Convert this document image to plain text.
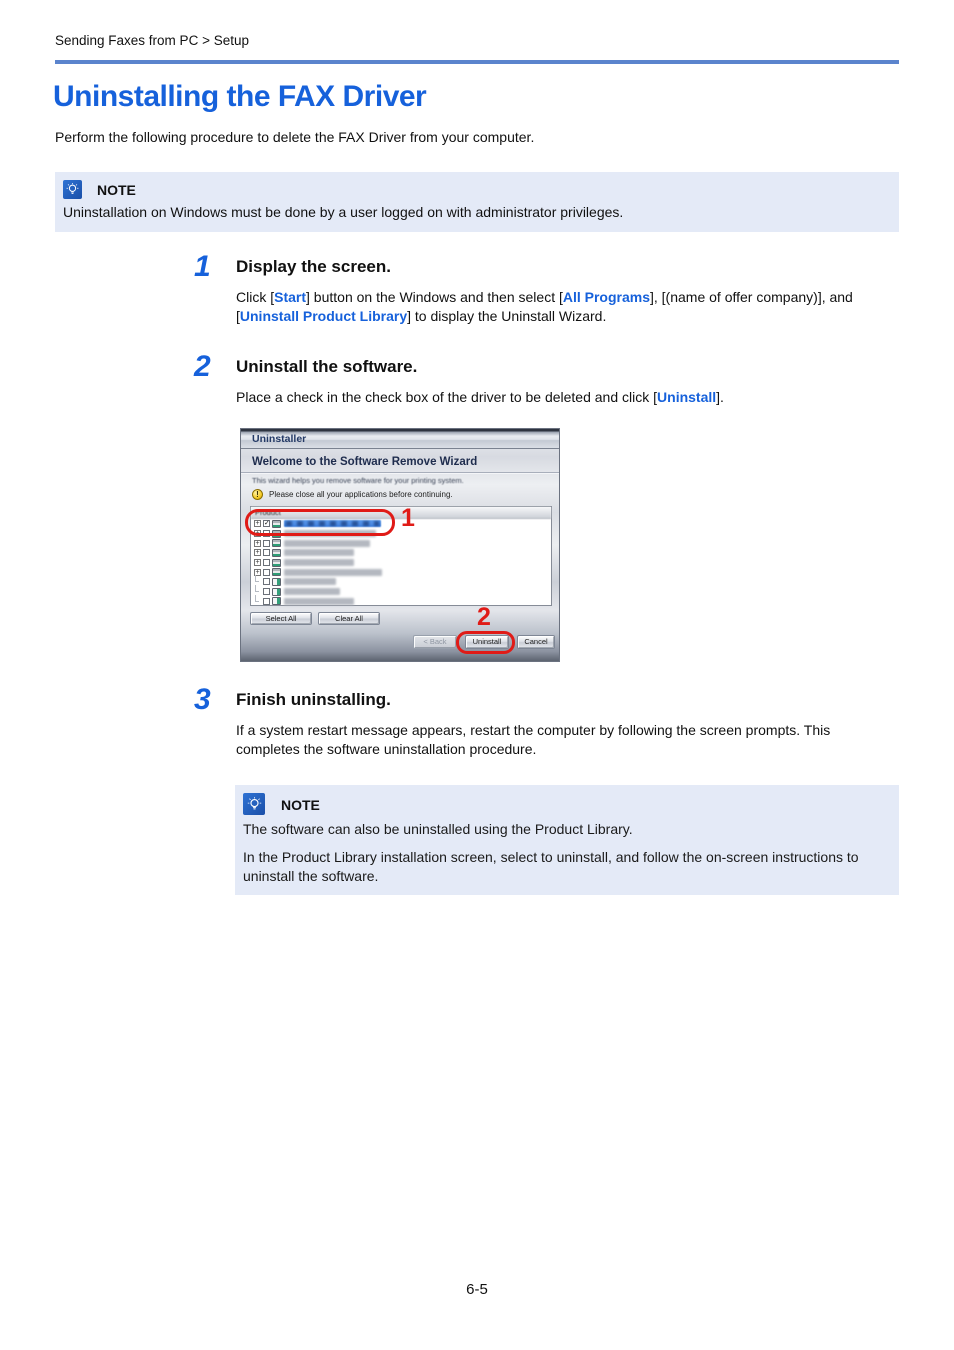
Sending Faxes from PC > Setup
Uninstalling the FAX Driver

Perform the following procedure to delete the FAX Driver from your computer.

NOTE

Uninstallation on Windows must be done by a user logged on with administrator privileges.

1 Display the screen.

Click [Start] button on the Windows and then select [All Programs], [(name of offer company)], and [Uninstall Product Library] to display the Uninstall Wizard.

2 Uninstall the software.

Place a check in the check box of the driver to be deleted and click [Uninstall].

Uninstaller
Welcome to the Software Remove Wizard
This wizard helps you remove software for your printing system.
!	Please close all your applications before continuing.
Product
+ ✓
+
+
+
+
+
Select All	Clear All
< Back	Uninstall	Cancel
1
2
3 Finish uninstalling.

If a system restart message appears, restart the computer by following the screen prompts. This completes the software uninstallation procedure.

NOTE

The software can also be uninstalled using the Product Library.

In the Product Library installation screen, select to uninstall, and follow the on-screen instructions to uninstall the software.

6-5
